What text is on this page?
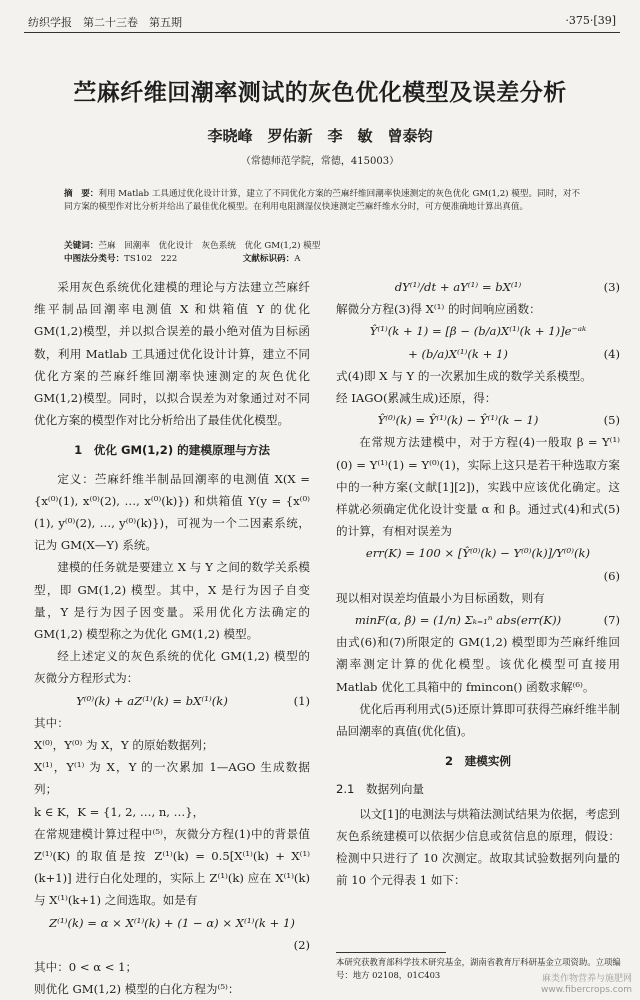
纺织学报　第二十三卷　第五期	·375·[39]
苎麻纤维回潮率测试的灰色优化模型及误差分析
李晓峰　罗佑新　李　敏　曾泰钧
（常德师范学院，常德，415003）
摘　要：利用 Matlab 工具通过优化设计计算，建立了不同优化方案的苎麻纤维回潮率快速测定的灰色优化 GM(1,2) 模型。同时，对不同方案的模型作对比分析并给出了最佳优化模型。在利用电阻测湿仪快速测定苎麻纤维水分时，可方便准确地计算出真值。
关键词：苎麻　回潮率　优化设计　灰色系统　优化 GM(1,2) 模型
中图法分类号：TS102　222	文献标识码：A

采用灰色系统优化建模的理论与方法建立苎麻纤维平制品回潮率电测值 X 和烘箱值 Y 的优化 GM(1,2)模型，并以拟合误差的最小绝对值为目标函数，利用 Matlab 工具通过优化设计计算，建立不同优化方案的苎麻纤维回潮率快速测定的灰色优化 GM(1,2)模型。同时，以拟合误差为对象通过对不同优化方案的模型作对比分析给出了最佳优化模型。

1　优化 GM(1,2) 的建模原理与方法

定义：苎麻纤维半制品回潮率的电测值 X(X = {x⁽⁰⁾(1), x⁽⁰⁾(2), …, x⁽⁰⁾(k)}) 和烘箱值 Y(y = {x⁽⁰⁾(1), y⁽⁰⁾(2), …, y⁽⁰⁾(k)})，可视为一个二因素系统，记为 GM(X—Y) 系统。

建模的任务就是要建立 X 与 Y 之间的数学关系模型，即 GM(1,2) 模型。其中，X 是行为因子自变量，Y 是行为因子因变量。采用优化方法确定的 GM(1,2) 模型称之为优化 GM(1,2) 模型。

经上述定义的灰色系统的优化 GM(1,2) 模型的灰微分方程形式为：

Y⁽⁰⁾(k) + aZ⁽¹⁾(k) = bX⁽¹⁾(k)	(1)

其中：

X⁽⁰⁾，Y⁽⁰⁾ 为 X，Y 的原始数据列；

X⁽¹⁾，Y⁽¹⁾ 为 X，Y 的一次累加 1—AGO 生成数据列；

k ∈ K，K = {1, 2, …, n, …}，

在常规建模计算过程中⁽⁵⁾，灰微分方程(1)中的背景值 Z⁽¹⁾(K) 的取值是按 Z⁽¹⁾(k) = 0.5[X⁽¹⁾(k) + X⁽¹⁾(k+1)] 进行白化处理的，实际上 Z⁽¹⁾(k) 应在 X⁽¹⁾(k) 与 X⁽¹⁾(k+1) 之间选取。如是有

Z⁽¹⁾(k) = α × X⁽¹⁾(k) + (1 − α) × X⁽¹⁾(k + 1)
(2)

其中：0 < α < 1；

则优化 GM(1,2) 模型的白化方程为⁽⁵⁾：

dY⁽¹⁾/dt + aY⁽¹⁾ = bX⁽¹⁾	(3)

解微分方程(3)得 X⁽¹⁾ 的时间响应函数：

Ŷ⁽¹⁾(k + 1) = [β − (b/a)X⁽¹⁾(k + 1)]e⁻ᵃᵏ
+ (b/a)X⁽¹⁾(k + 1)	(4)

式(4)即 X 与 Y 的一次累加生成的数学关系模型。

经 IAGO(累减生成)还原，得：

Ŷ⁽⁰⁾(k) = Ŷ⁽¹⁾(k) − Ŷ⁽¹⁾(k − 1)	(5)

在常规方法建模中，对于方程(4)一般取 β = Y⁽¹⁾(0) = Y⁽¹⁾(1) = Y⁽⁰⁾(1)，实际上这只是若干种选取方案中的一种方案(文献[1][2])，实践中应该优化确定。这样就必须确定优化设计变量 α 和 β。通过式(4)和式(5)的计算，有相对误差为

err(K) = 100 × [Ŷ⁽⁰⁾(k) − Y⁽⁰⁾(k)]/Y⁽⁰⁾(k)
(6)

现以相对误差均值最小为目标函数，则有

minF(α, β) = (1/n) Σₖ₌₁ⁿ abs(err(K))	(7)

由式(6)和(7)所限定的 GM(1,2) 模型即为苎麻纤维回潮率测定计算的优化模型。该优化模型可直接用 Matlab 优化工具箱中的 fmincon() 函数求解⁽⁶⁾。

优化后再利用式(5)还原计算即可获得苎麻纤维半制品回潮率的真值(优化值)。

2　建模实例
2.1　数据列向量

以文[1]的电测法与烘箱法测试结果为依据，考虑到灰色系统建模可以依据少信息或贫信息的原理，假设：检测中只进行了 10 次测定。故取其试验数据列向量的前 10 个元得表 1 如下：

本研究获教育部科学技术研究基金，湖南省教育厅科研基金立项资助。立项编号：地方 02108，01C403	麻类作物营养与施肥网
www.fibercrops.com
